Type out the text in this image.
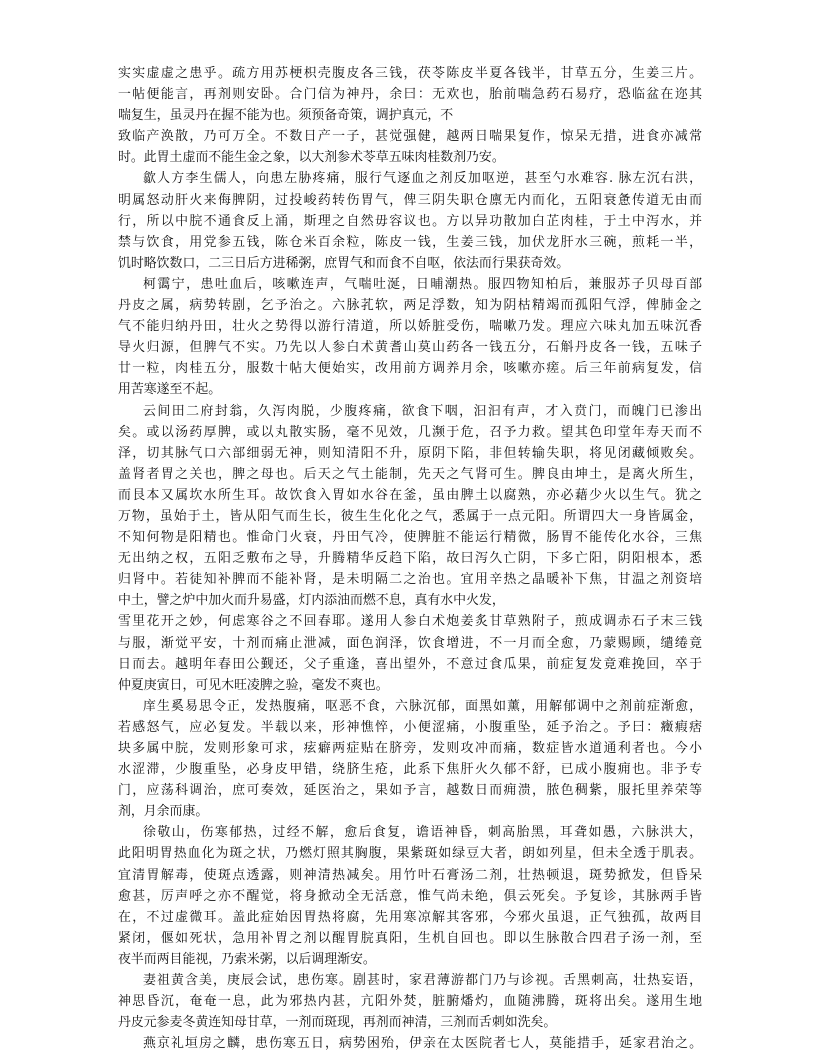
实实虚虚之患乎。疏方用苏梗枳壳腹皮各三钱，茯苓陈皮半夏各钱半，甘草五分，生姜三片。
一帖便能言，再剂则安卧。合门信为神丹，余曰：无欢也，胎前喘急药石易疗，恐临盆在迩其
喘复生，虽灵丹在握不能为也。须预备奇策，调护真元，不
致临产涣散，乃可万全。不数日产一子，甚觉强健，越两日喘果复作，惊呆无措，进食亦减常
时。此胃土虚而不能生金之象，以大剂参术苓草五味肉桂数剂乃安。
歙人方李生儒人，向患左胁疼痛，服行气逐血之剂反加呕逆，甚至勺水难容. 脉左沉右洪，
明属怒动肝火来侮脾阴，过投峻药转伤胃气，俾三阴失职仓廪无内而化，五阳衰惫传道无由而
行，所以中脘不通食反上涌，斯理之自然毋容议也。方以异功散加白芷肉桂，于土中泻水，并
禁与饮食，用党参五钱，陈仓米百余粒，陈皮一钱，生姜三钱，加伏龙肝水三碗，煎耗一半，
饥时略饮数口，二三日后方进稀粥，庶胃气和而食不自呕，依法而行果获奇效。
柯霭宁，患吐血后，咳嗽连声，气喘吐涎，日晡潮热。服四物知柏后，兼服苏子贝母百部
丹皮之属，病势转剧，乞予治之。六脉芤软，两足浮数，知为阴枯精竭而孤阳气浮，俾肺金之
气不能归纳丹田，壮火之势得以游行清道，所以娇脏受伤，喘嗽乃发。理应六味丸加五味沉香
导火归源，但脾气不实。乃先以人参白术黄耆山莫山药各一钱五分，石斛丹皮各一钱，五味子
廿一粒，肉桂五分，服数十帖大便始实，改用前方调养月余，咳嗽亦瘥。后三年前病复发，信
用苦寒遂至不起。
云间田二府封翁，久泻肉脱，少腹疼痛，欲食下咽，汩汩有声，才入贲门，而魄门已渗出
矣。或以汤药厚脾，或以丸散实肠，毫不见效，几濒于危，召予力救。望其色印堂年寿天而不
泽，切其脉气口六部细弱无神，则知清阳不升，原阴下陷，非但转输失职，将见闭藏倾败矣。
盖肾者胃之关也，脾之母也。后天之气土能制，先天之气肾可生。脾良由坤土，是离火所生，
而艮本又属坎水所生耳。故饮食入胃如水谷在釜，虽由脾土以腐熟，亦必藉少火以生气。犹之
万物，虽始于土，皆从阳气而生长，彼生生化化之气，悉属于一点元阳。所谓四大一身皆属金，
不知何物是阳精也。惟命门火衰，丹田气冷，使脾脏不能运行精微，肠胃不能传化水谷，三焦
无出纳之权，五阳乏敷布之导，升腾精华反趋下陷，故曰泻久亡阴，下多亡阳，阴阳根本，悉
归肾中。若徒知补脾而不能补肾，是未明隔二之治也。宜用辛热之晶暖补下焦，甘温之剂资培
中土，譬之炉中加火而升易盛，灯内添油而燃不息，真有水中火发，
雪里花开之妙，何虑寒谷之不回春耶。遂用人参白术炮姜炙甘草熟附子，煎成调赤石子末三钱
与服，渐觉平安，十剂而痛止泄减，面色润泽，饮食增进，不一月而全愈，乃蒙赐顾，缱绻竟
日而去。越明年春田公觐还，父子重逢，喜出望外，不意过食瓜果，前症复发竟难挽回，卒于
仲夏庚寅日，可见木旺凌脾之验，毫发不爽也。
庠生奚易思令正，发热腹痛，呕恶不食，六脉沉郁，面黑如薰，用解郁调中之剂前症渐愈，
若感怒气，应必复发。半载以来，形神憔悴，小便涩痛，小腹重坠，延予治之。予曰：癥瘕痞
块多属中脘，发则形象可求，痃癖两症贴在脐旁，发则攻冲而痛，数症皆水道通利者也。今小
水涩滞，少腹重坠，必身皮甲错，绕脐生疮，此系下焦肝火久郁不舒，已成小腹痈也。非予专
门，应荡科调治，庶可奏效，延医治之，果如予言，越数日而痈溃，脓色稠紫，服托里养荣等
剂，月余而康。
徐敬山，伤寒郁热，过经不解，愈后食复，谵语神昏，刺高胎黑，耳聋如愚，六脉洪大，
此阳明胃热血化为斑之状，乃燃灯照其胸腹，果紫斑如绿豆大者，朗如列星，但未全透于肌表。
宜清胃解毒，使斑点透露，则神清热减矣。用竹叶石膏汤二剂，壮热顿退，斑势掀发，但昏呆
愈甚，厉声呼之亦不醒觉，将身掀动全无活意，惟气尚未绝，俱云死矣。予复诊，其脉两手皆
在，不过虚微耳。盖此症始因胃热将腐，先用寒凉解其客邪，今邪火虽退，正气独孤，故两目
紧闭，偃如死状，急用补胃之剂以醒胃脘真阳，生机自回也。即以生脉散合四君子汤一剂，至
夜半而两目能视，乃索米粥，以后调理渐安。
妻祖黄含美，庚辰会试，患伤寒。剧甚时，家君薄游都门乃与诊视。舌黑刺高，壮热妄语，
神思昏沉，奄奄一息，此为邪热内甚，亢阳外焚，脏腑燔灼，血随沸腾，斑将出矣。遂用生地
丹皮元参麦冬黄连知母甘草，一剂而斑现，再剂而神清，三剂而舌刺如洗矣。
燕京礼垣房之麟，患伤寒五日，病势困殆，伊亲在太医院者七人，莫能措手，延家君治之。
